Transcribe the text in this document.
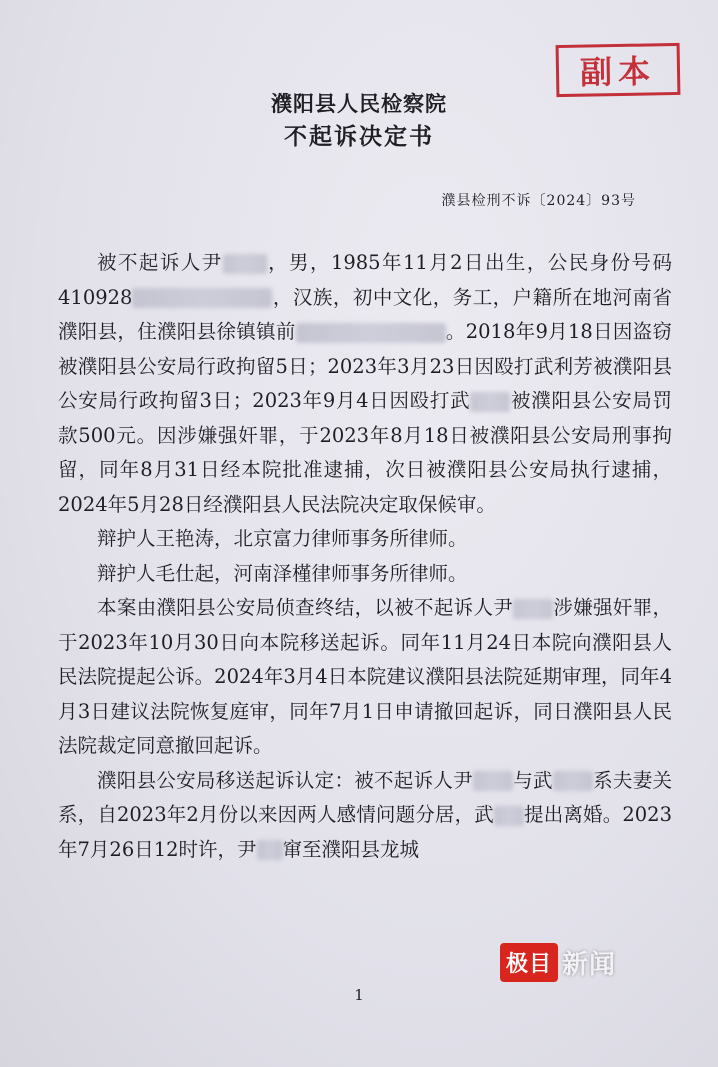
副本
濮阳县人民检察院
不起诉决定书
濮县检刑不诉〔2024〕93号

被不起诉人尹 ，男，1985年11月2日出生，公民身份号码410928	，汉族，初中文化，务工，户籍所在地河南省濮阳县，住濮阳县徐镇镇前	。2018年9月18日因盗窃被濮阳县公安局行政拘留5日；2023年3月23日因殴打武利芳被濮阳县公安局行政拘留3日；2023年9月4日因殴打武 被濮阳县公安局罚款500元。因涉嫌强奸罪，于2023年8月18日被濮阳县公安局刑事拘留，同年8月31日经本院批准逮捕，次日被濮阳县公安局执行逮捕，2024年5月28日经濮阳县人民法院决定取保候审。

辩护人王艳涛，北京富力律师事务所律师。

辩护人毛仕起，河南泽槿律师事务所律师。

本案由濮阳县公安局侦查终结，以被不起诉人尹 涉嫌强奸罪，于2023年10月30日向本院移送起诉。同年11月24日本院向濮阳县人民法院提起公诉。2024年3月4日本院建议濮阳县法院延期审理，同年4月3日建议法院恢复庭审，同年7月1日申请撤回起诉，同日濮阳县人民法院裁定同意撤回起诉。

濮阳县公安局移送起诉认定：被不起诉人尹 与武 系夫妻关系，自2023年2月份以来因两人感情问题分居，武 提出离婚。2023年7月26日12时许，尹 窜至濮阳县龙城

极目 新闻
1
